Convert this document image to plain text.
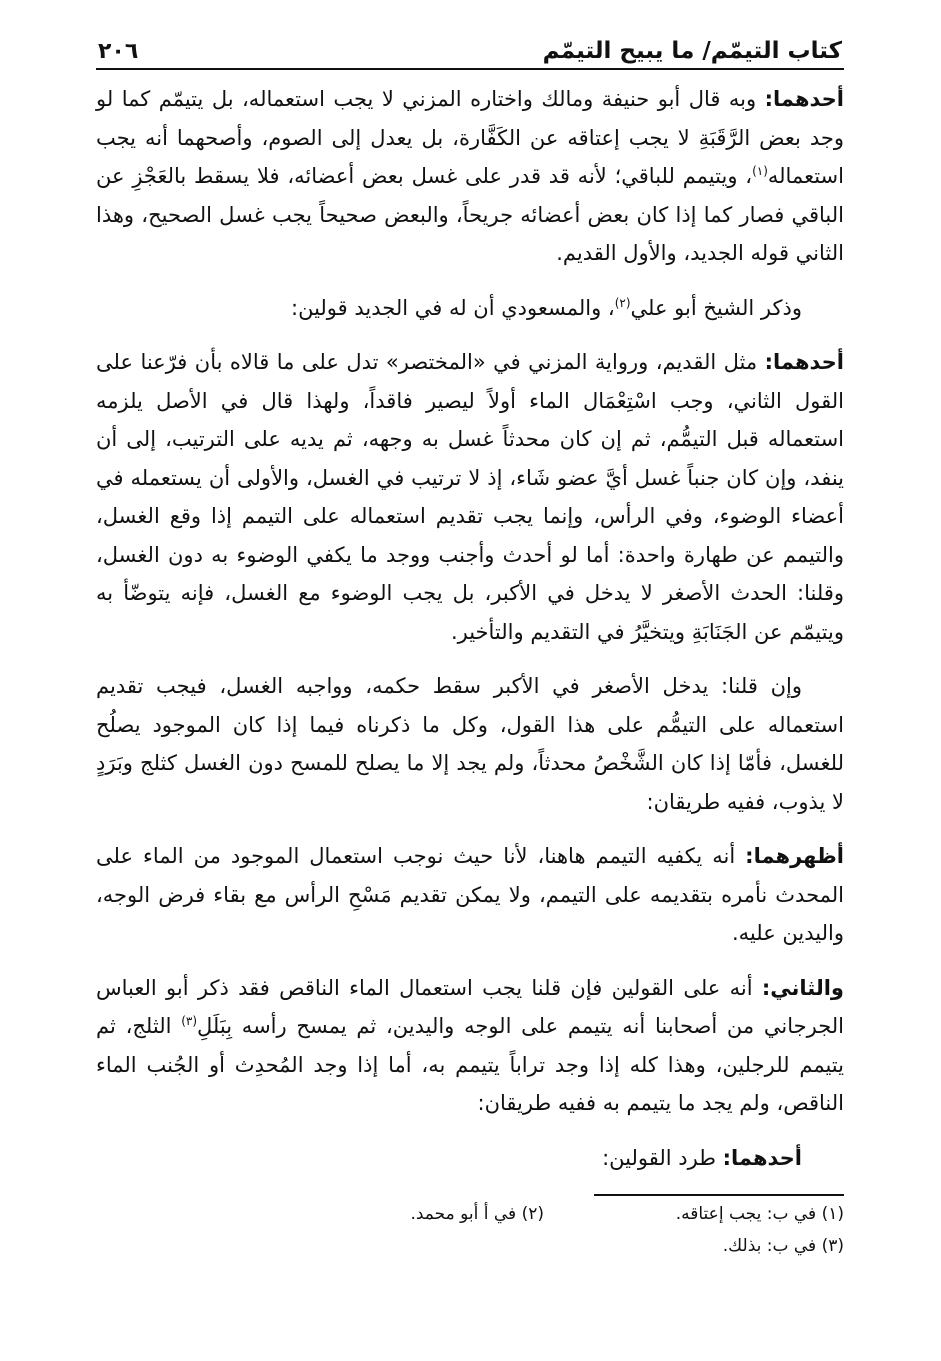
كتاب التيمّم/ ما يبيح التيمّم
٢٠٦

أحدهما: وبه قال أبو حنيفة ومالك واختاره المزني لا يجب استعماله، بل يتيمّم كما لو وجد بعض الرَّقَبَةِ لا يجب إعتاقه عن الكَفَّارة، بل يعدل إلى الصوم، وأصحهما أنه يجب استعماله$^{(١)}$، ويتيمم للباقي؛ لأنه قد قدر على غسل بعض أعضائه، فلا يسقط بالعَجْزِ عن الباقي فصار كما إذا كان بعض أعضائه جريحاً، والبعض صحيحاً يجب غسل الصحيح، وهذا الثاني قوله الجديد، والأول القديم.

وذكر الشيخ أبو علي$^{(٢)}$، والمسعودي أن له في الجديد قولين:

أحدهما: مثل القديم، ورواية المزني في «المختصر» تدل على ما قالاه بأن فرّعنا على القول الثاني، وجب اسْتِعْمَال الماء أولاً ليصير فاقداً، ولهذا قال في الأصل يلزمه استعماله قبل التيمُّم، ثم إن كان محدثاً غسل به وجهه، ثم يديه على الترتيب، إلى أن ينفد، وإن كان جنباً غسل أيَّ عضو شَاء، إذ لا ترتيب في الغسل، والأولى أن يستعمله في أعضاء الوضوء، وفي الرأس، وإنما يجب تقديم استعماله على التيمم إذا وقع الغسل، والتيمم عن طهارة واحدة: أما لو أحدث وأجنب ووجد ما يكفي الوضوء به دون الغسل، وقلنا: الحدث الأصغر لا يدخل في الأكبر، بل يجب الوضوء مع الغسل، فإنه يتوضّأ به ويتيمّم عن الجَنَابَةِ ويتخيَّرُ في التقديم والتأخير.

وإن قلنا: يدخل الأصغر في الأكبر سقط حكمه، وواجبه الغسل، فيجب تقديم استعماله على التيمُّم على هذا القول، وكل ما ذكرناه فيما إذا كان الموجود يصلُح للغسل، فأمّا إذا كان الشَّخْصُ محدثاً، ولم يجد إلا ما يصلح للمسح دون الغسل كثلج وبَرَدٍ لا يذوب، ففيه طريقان:

أظهرهما: أنه يكفيه التيمم هاهنا، لأنا حيث نوجب استعمال الموجود من الماء على المحدث نأمره بتقديمه على التيمم، ولا يمكن تقديم مَسْحِ الرأس مع بقاء فرض الوجه، واليدين عليه.

والثاني: أنه على القولين فإن قلنا يجب استعمال الماء الناقص فقد ذكر أبو العباس الجرجاني من أصحابنا أنه يتيمم على الوجه واليدين، ثم يمسح رأسه بِبَلَلِ$^{(٣)}$ الثلج، ثم يتيمم للرجلين، وهذا كله إذا وجد تراباً يتيمم به، أما إذا وجد المُحدِث أو الجُنب الماء الناقص، ولم يجد ما يتيمم به ففيه طريقان:

أحدهما: طرد القولين:

(١) في ب: يجب إعتاقه.
(٢) في أ أبو محمد.
(٣) في ب: بذلك.
